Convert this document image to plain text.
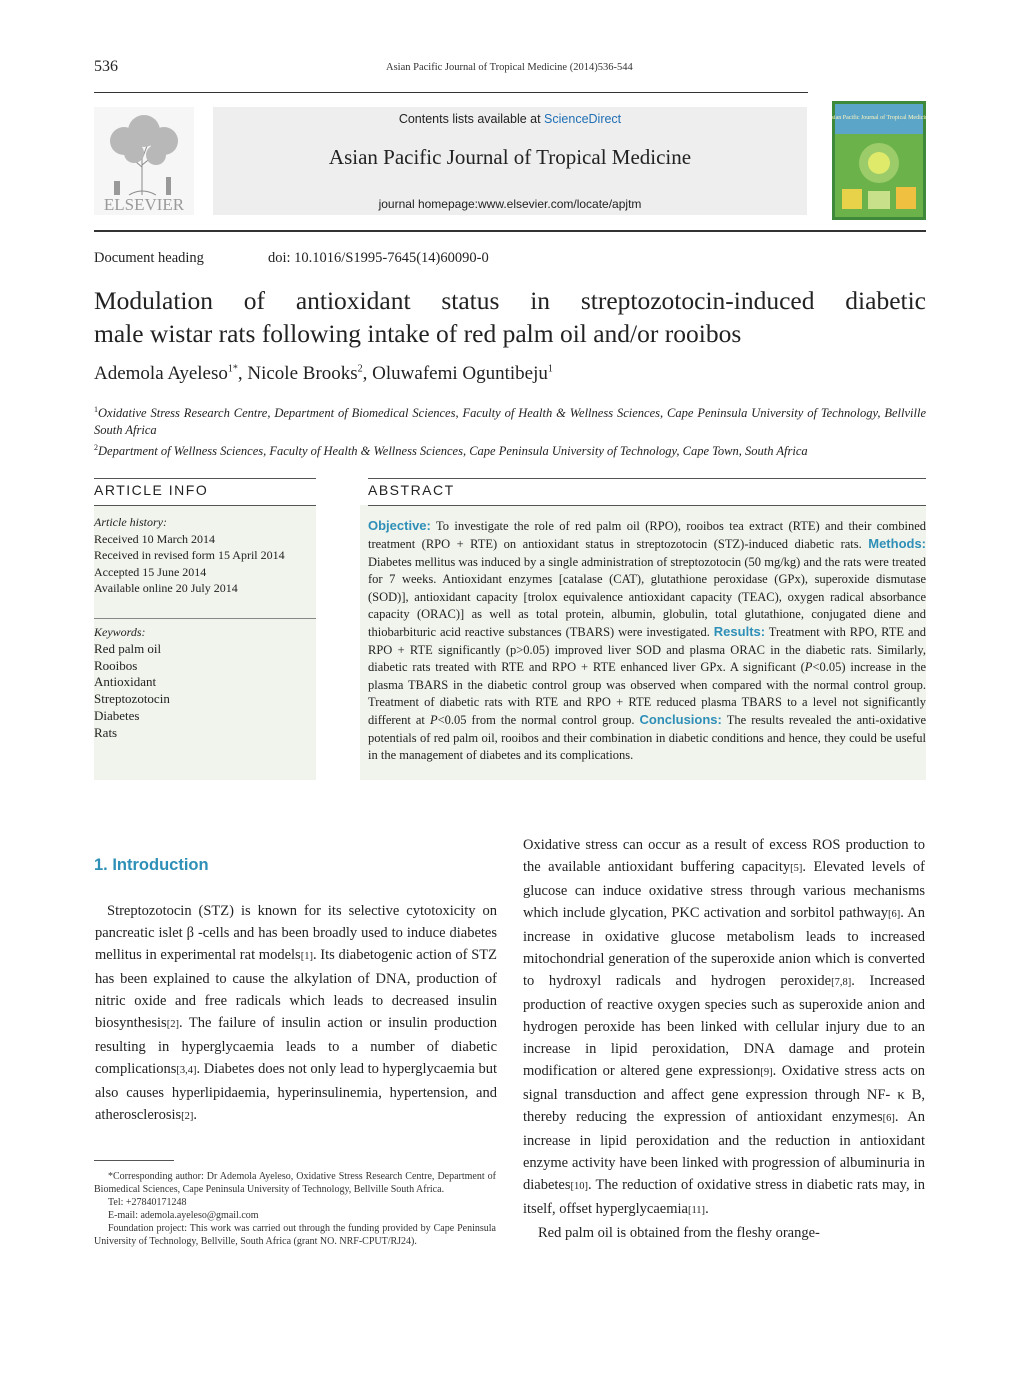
536	Asian Pacific Journal of Tropical Medicine (2014)536-544
ELSEVIER
Contents lists available at ScienceDirect
Asian Pacific Journal of Tropical Medicine
journal homepage:www.elsevier.com/locate/apjtm
Asian Pacific Journal of Tropical Medicine
Document heading	doi: 10.1016/S1995-7645(14)60090-0
Modulation of antioxidant status in streptozotocin-induced diabetic
male wistar rats following intake of red palm oil and/or rooibos
Ademola Ayeleso$^{1*}$, Nicole Brooks$^2$, Oluwafemi Oguntibeju$^1$
$^1$Oxidative Stress Research Centre, Department of Biomedical Sciences, Faculty of Health & Wellness Sciences, Cape Peninsula University of Technology, Bellville South Africa
$^2$Department of Wellness Sciences, Faculty of Health & Wellness Sciences, Cape Peninsula University of Technology, Cape Town, South Africa
ARTICLE INFO
Article history:
Received 10 March 2014
Received in revised form 15 April 2014
Accepted 15 June 2014
Available online 20 July 2014
Keywords:
Red palm oil
Rooibos
Antioxidant
Streptozotocin
Diabetes
Rats
ABSTRACT
Objective: To investigate the role of red palm oil (RPO), rooibos tea extract (RTE) and their combined treatment (RPO + RTE) on antioxidant status in streptozotocin (STZ)-induced diabetic rats. Methods: Diabetes mellitus was induced by a single administration of streptozotocin (50 mg/kg) and the rats were treated for 7 weeks. Antioxidant enzymes [catalase (CAT), glutathione peroxidase (GPx), superoxide dismutase (SOD)], antioxidant capacity [trolox equivalence antioxidant capacity (TEAC), oxygen radical absorbance capacity (ORAC)] as well as total protein, albumin, globulin, total glutathione, conjugated diene and thiobarbituric acid reactive substances (TBARS) were investigated. Results: Treatment with RPO, RTE and RPO + RTE significantly (p>0.05) improved liver SOD and plasma ORAC in the diabetic rats. Similarly, diabetic rats treated with RTE and RPO + RTE enhanced liver GPx. A significant (P<0.05) increase in the plasma TBARS in the diabetic control group was observed when compared with the normal control group. Treatment of diabetic rats with RTE and RPO + RTE reduced plasma TBARS to a level not significantly different at P<0.05 from the normal control group. Conclusions: The results revealed the anti-oxidative potentials of red palm oil, rooibos and their combination in diabetic conditions and hence, they could be useful in the management of diabetes and its complications.
1. Introduction

Streptozotocin (STZ) is known for its selective cytotoxicity on pancreatic islet β -cells and has been broadly used to induce diabetes mellitus in experimental rat models[1]. Its diabetogenic action of STZ has been explained to cause the alkylation of DNA, production of nitric oxide and free radicals which leads to decreased insulin biosynthesis[2]. The failure of insulin action or insulin production resulting in hyperglycaemia leads to a number of diabetic complications[3,4]. Diabetes does not only lead to hyperglycaemia but also causes hyperlipidaemia, hyperinsulinemia, hypertension, and atherosclerosis[2].

*Corresponding author: Dr Ademola Ayeleso, Oxidative Stress Research Centre, Department of Biomedical Sciences, Cape Peninsula University of Technology, Bellville South Africa.

Tel: +27840171248

E-mail: ademola.ayeleso@gmail.com

Foundation project: This work was carried out through the funding provided by Cape Peninsula University of Technology, Bellville, South Africa (grant NO. NRF-CPUT/RJ24).

Oxidative stress can occur as a result of excess ROS production to the available antioxidant buffering capacity[5]. Elevated levels of glucose can induce oxidative stress through various mechanisms which include glycation, PKC activation and sorbitol pathway[6]. An increase in oxidative glucose metabolism leads to increased mitochondrial generation of the superoxide anion which is converted to hydroxyl radicals and hydrogen peroxide[7,8]. Increased production of reactive oxygen species such as superoxide anion and hydrogen peroxide has been linked with cellular injury due to an increase in lipid peroxidation, DNA damage and protein modification or altered gene expression[9]. Oxidative stress acts on signal transduction and affect gene expression through NF- κ B, thereby reducing the expression of antioxidant enzymes[6]. An increase in lipid peroxidation and the reduction in antioxidant enzyme activity have been linked with progression of albuminuria in diabetes[10]. The reduction of oxidative stress in diabetic rats may, in itself, offset hyperglycaemia[11].

Red palm oil is obtained from the fleshy orange-
